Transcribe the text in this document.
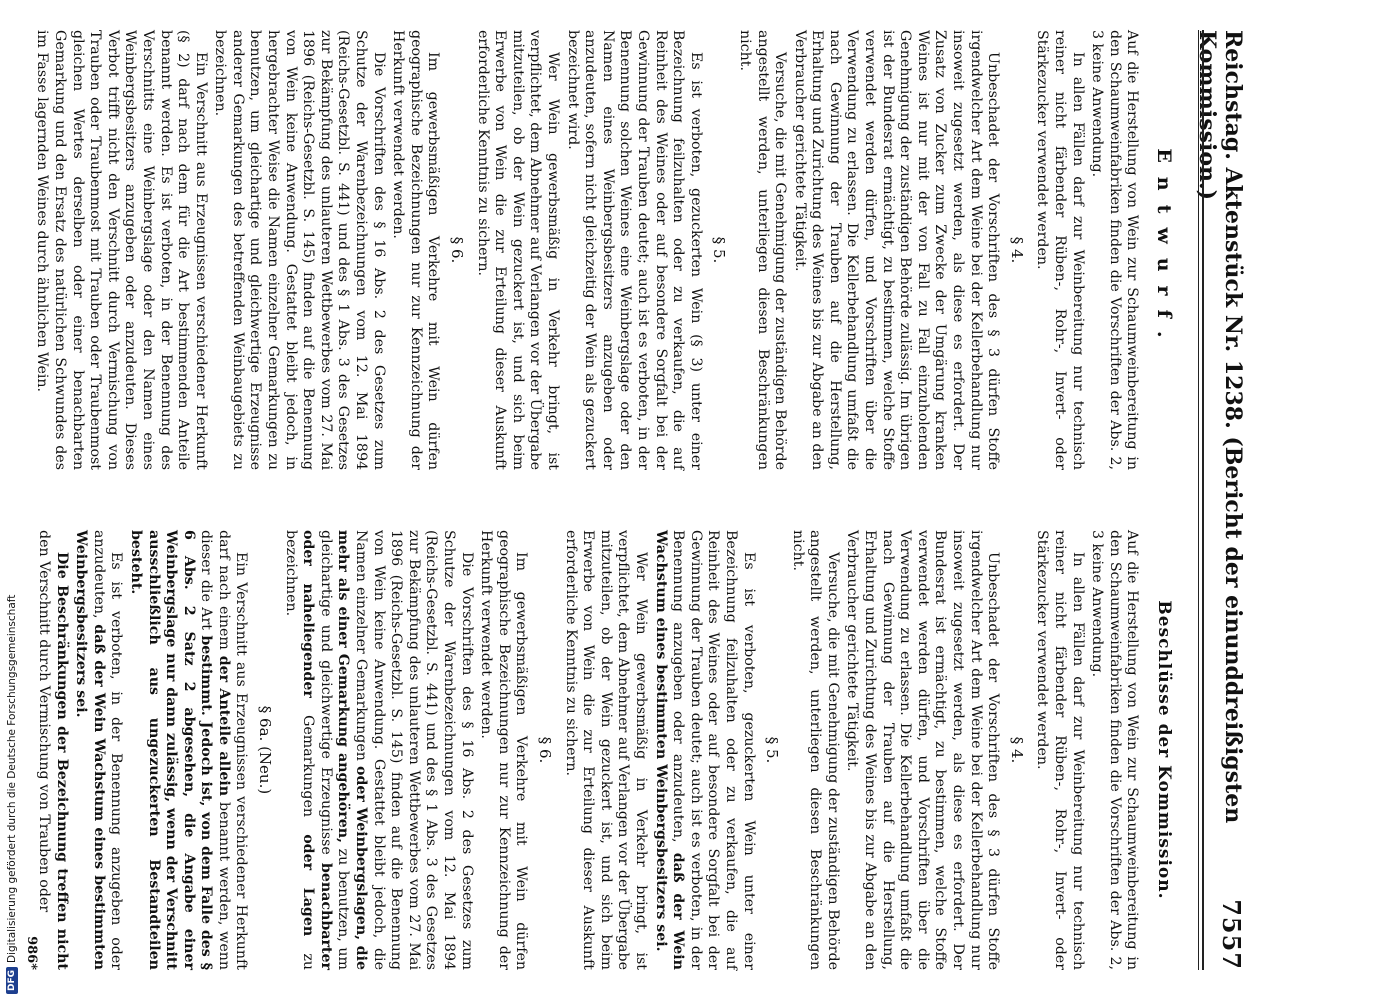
Reichstag. Aktenstück Nr. 1238. (Bericht der einunddreißigsten Kommission.)
7557
Entwurf.

Auf die Herstellung von Wein zur Schaumweinbereitung in den Schaumweinfabriken finden die Vorschriften der Abs. 2, 3 keine Anwendung.

In allen Fällen darf zur Weinbereitung nur technisch reiner nicht färbender Rüben-, Rohr-, Invert- oder Stärkezucker verwendet werden.

§ 4.

Unbeschadet der Vorschriften des § 3 dürfen Stoffe irgendwelcher Art dem Weine bei der Kellerbehandlung nur insoweit zugesetzt werden, als diese es erfordert. Der Zusatz von Zucker zum Zwecke der Umgärung kranken Weines ist nur mit der von Fall zu Fall einzuholenden Genehmigung der zuständigen Behörde zulässig. Im übrigen ist der Bundesrat ermächtigt, zu bestimmen, welche Stoffe verwendet werden dürfen, und Vorschriften über die Verwendung zu erlassen. Die Kellerbehandlung umfaßt die nach Gewinnung der Trauben auf die Herstellung, Erhaltung und Zurichtung des Weines bis zur Abgabe an den Verbraucher gerichtete Tätigkeit.

Versuche, die mit Genehmigung der zuständigen Behörde angestellt werden, unterliegen diesen Beschränkungen nicht.

§ 5.

Es ist verboten, gezuckerten Wein (§ 3) unter einer Bezeichnung feilzuhalten oder zu verkaufen, die auf Reinheit des Weines oder auf besondere Sorgfalt bei der Gewinnung der Trauben deutet; auch ist es verboten, in der Benennung solchen Weines eine Weinbergslage oder den Namen eines Weinbergsbesitzers anzugeben oder anzudeuten, sofern nicht gleichzeitig der Wein als gezuckert bezeichnet wird.

Wer Wein gewerbsmäßig in Verkehr bringt, ist verpflichtet, dem Abnehmer auf Verlangen vor der Übergabe mitzuteilen, ob der Wein gezuckert ist, und sich beim Erwerbe von Wein die zur Erteilung dieser Auskunft erforderliche Kenntnis zu sichern.

§ 6.

Im gewerbsmäßigen Verkehre mit Wein dürfen geographische Bezeichnungen nur zur Kennzeichnung der Herkunft verwendet werden.

Die Vorschriften des § 16 Abs. 2 des Gesetzes zum Schutze der Warenbezeichnungen vom 12. Mai 1894 (Reichs-Gesetzbl. S. 441) und des § 1 Abs. 3 des Gesetzes zur Bekämpfung des unlauteren Wettbewerbes vom 27. Mai 1896 (Reichs-Gesetzbl. S. 145) finden auf die Benennung von Wein keine Anwendung. Gestattet bleibt jedoch, in hergebrachter Weise die Namen einzelner Gemarkungen zu benutzen, um gleichartige und gleichwertige Erzeugnisse anderer Gemarkungen des betreffenden Weinbaugebiets zu bezeichnen.

Ein Verschnitt aus Erzeugnissen verschiedener Herkunft (§ 2) darf nach dem für die Art bestimmenden Anteile benannt werden. Es ist verboten, in der Benennung des Verschnitts eine Weinbergslage oder den Namen eines Weinbergsbesitzers anzugeben oder anzudeuten. Dieses Verbot trifft nicht den Verschnitt durch Vermischung von Trauben oder Traubenmost mit Trauben oder Traubenmost gleichen Wertes derselben oder einer benachbarten Gemarkung und den Ersatz des natürlichen Schwundes des im Fasse lagernden Weines durch ähnlichen Wein.

Beschlüsse der Kommission.

Auf die Herstellung von Wein zur Schaumweinbereitung in den Schaumweinfabriken finden die Vorschriften der Abs. 2, 3 keine Anwendung.

In allen Fällen darf zur Weinbereitung nur technisch reiner nicht färbender Rüben-, Rohr-, Invert- oder Stärkezucker verwendet werden.

§ 4.

Unbeschadet der Vorschriften des § 3 dürfen Stoffe irgendwelcher Art dem Weine bei der Kellerbehandlung nur insoweit zugesetzt werden, als diese es erfordert. Der Bundesrat ist ermächtigt, zu bestimmen, welche Stoffe verwendet werden dürfen, und Vorschriften über die Verwendung zu erlassen. Die Kellerbehandlung umfaßt die nach Gewinnung der Trauben auf die Herstellung, Erhaltung und Zurichtung des Weines bis zur Abgabe an den Verbraucher gerichtete Tätigkeit.

Versuche, die mit Genehmigung der zuständigen Behörde angestellt werden, unterliegen diesen Beschränkungen nicht.

§ 5.

Es ist verboten, gezuckerten Wein unter einer Bezeichnung feilzuhalten oder zu verkaufen, die auf Reinheit des Weines oder auf besondere Sorgfalt bei der Gewinnung der Trauben deutet; auch ist es verboten, in der Benennung anzugeben oder anzudeuten, daß der Wein Wachstum eines bestimmten Weinbergsbesitzers sei.

Wer Wein gewerbsmäßig in Verkehr bringt, ist verpflichtet, dem Abnehmer auf Verlangen vor der Übergabe mitzuteilen, ob der Wein gezuckert ist, und sich beim Erwerbe von Wein die zur Erteilung dieser Auskunft erforderliche Kenntnis zu sichern.

§ 6.

Im gewerbsmäßigen Verkehre mit Wein dürfen geographische Bezeichnungen nur zur Kennzeichnung der Herkunft verwendet werden.

Die Vorschriften des § 16 Abs. 2 des Gesetzes zum Schutze der Warenbezeichnungen vom 12. Mai 1894 (Reichs-Gesetzbl. S. 441) und des § 1 Abs. 3 des Gesetzes zur Bekämpfung des unlauteren Wettbewerbes vom 27. Mai 1896 (Reichs-Gesetzbl. S. 145) finden auf die Benennung von Wein keine Anwendung. Gestattet bleibt jedoch, die Namen einzelner Gemarkungen oder Weinbergslagen, die mehr als einer Gemarkung angehören, zu benutzen, um gleichartige und gleichwertige Erzeugnisse benachbarter oder naheliegender Gemarkungen oder Lagen zu bezeichnen.

§ 6a. (Neu.)

Ein Verschnitt aus Erzeugnissen verschiedener Herkunft darf nach einem der Anteile allein benannt werden, wenn dieser die Art bestimmt. Jedoch ist, von dem Falle des § 6 Abs. 2 Satz 2 abgesehen, die Angabe einer Weinbergslage nur dann zulässig, wenn der Verschnitt ausschließlich aus ungezuckerten Bestandteilen besteht.

Es ist verboten, in der Benennung anzugeben oder anzudeuten, daß der Wein Wachstum eines bestimmten Weinbergsbesitzers sei.

Die Beschränkungen der Bezeichnung treffen nicht den Verschnitt durch Vermischung von Trauben oder

986*
DFG
Digitalisierung gefördert durch die Deutsche Forschungsgemeinschaft
